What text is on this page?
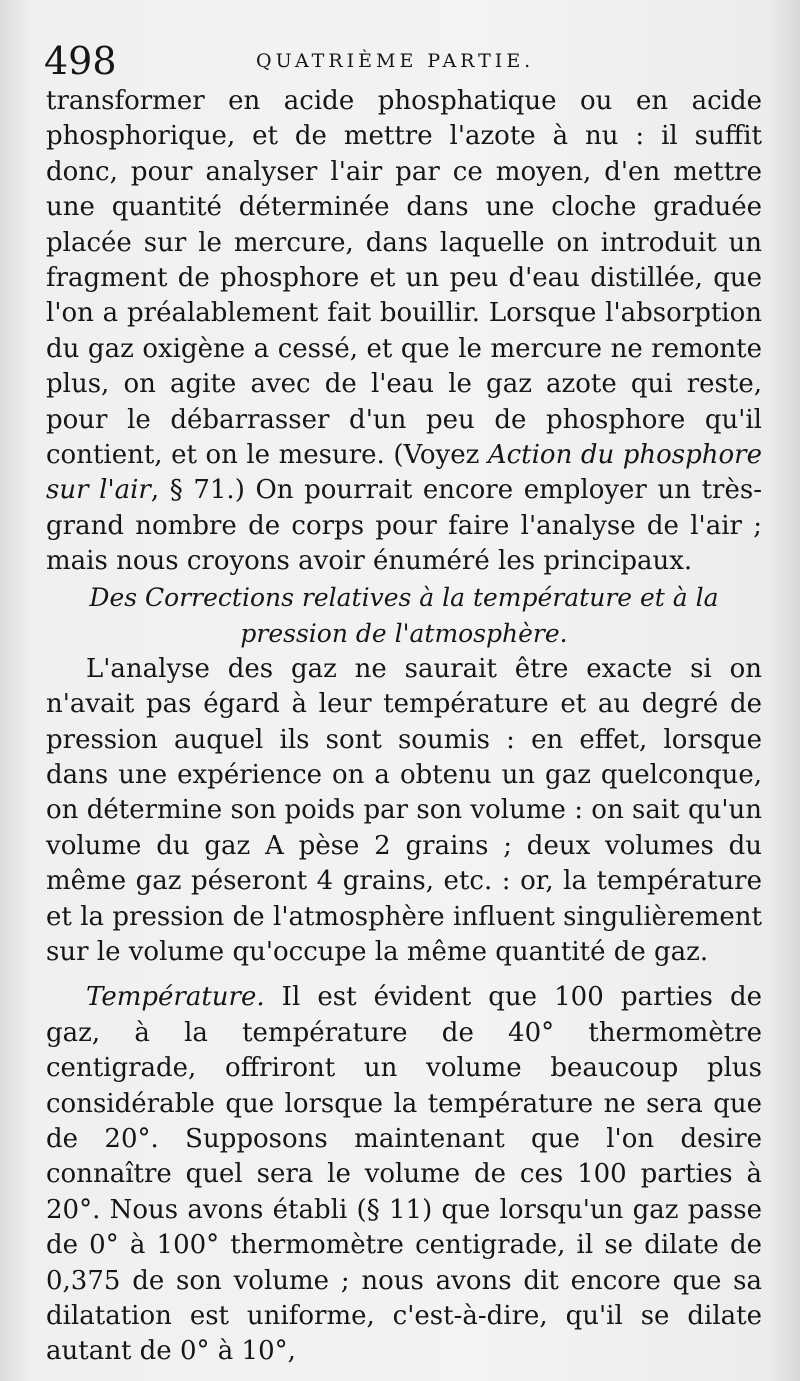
498	QUATRIÈME PARTIE.

transformer en acide phosphatique ou en acide phosphorique, et de mettre l'azote à nu : il suffit donc, pour analyser l'air par ce moyen, d'en mettre une quantité déterminée dans une cloche graduée placée sur le mercure, dans laquelle on introduit un fragment de phosphore et un peu d'eau distillée, que l'on a préalablement fait bouillir. Lorsque l'absorption du gaz oxigène a cessé, et que le mercure ne remonte plus, on agite avec de l'eau le gaz azote qui reste, pour le débarrasser d'un peu de phosphore qu'il contient, et on le mesure. (Voyez Action du phosphore sur l'air, § 71.) On pourrait encore employer un très-grand nombre de corps pour faire l'analyse de l'air ; mais nous croyons avoir énuméré les principaux.

Des Corrections relatives à la température et à la pression de l'atmosphère.

L'analyse des gaz ne saurait être exacte si on n'avait pas égard à leur température et au degré de pression auquel ils sont soumis : en effet, lorsque dans une expérience on a obtenu un gaz quelconque, on détermine son poids par son volume : on sait qu'un volume du gaz A pèse 2 grains ; deux volumes du même gaz péseront 4 grains, etc. : or, la température et la pression de l'atmosphère influent singulièrement sur le volume qu'occupe la même quantité de gaz.

Température. Il est évident que 100 parties de gaz, à la température de 40° thermomètre centigrade, offriront un volume beaucoup plus considérable que lorsque la température ne sera que de 20°. Supposons maintenant que l'on desire connaître quel sera le volume de ces 100 parties à 20°. Nous avons établi (§ 11) que lorsqu'un gaz passe de 0° à 100° thermomètre centigrade, il se dilate de 0,375 de son volume ; nous avons dit encore que sa dilatation est uniforme, c'est-à-dire, qu'il se dilate autant de 0° à 10°,
